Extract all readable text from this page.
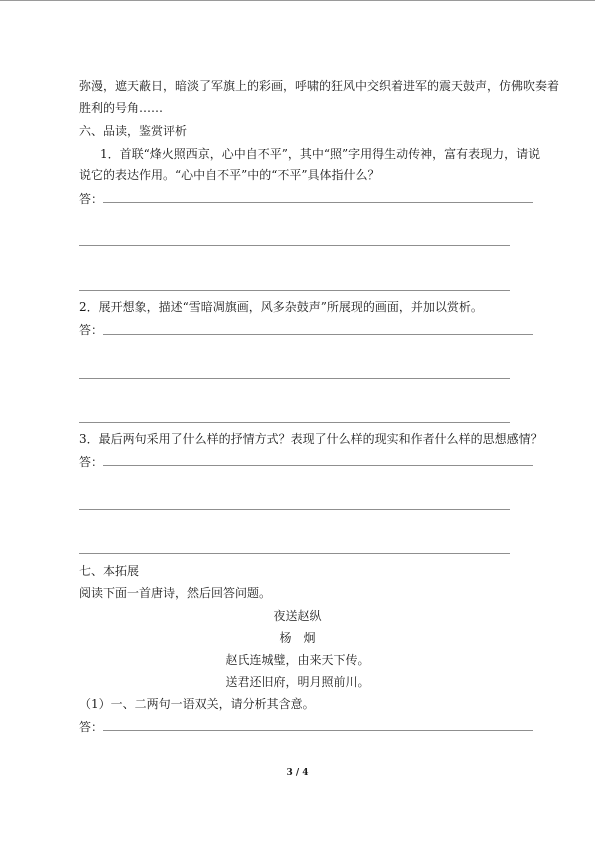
弥漫，遮天蔽日，暗淡了军旗上的彩画，呼啸的狂风中交织着进军的震天鼓声，仿佛吹奏着
胜利的号角……
六、品读，鉴赏评析
1．首联“烽火照西京，心中自不平”，其中“照”字用得生动传神，富有表现力，请说
说它的表达作用。“心中自不平”中的“不平”具体指什么？
答：
2．展开想象，描述“雪暗凋旗画，风多杂鼓声”所展现的画面，并加以赏析。
答：
3．最后两句采用了什么样的抒情方式？表现了什么样的现实和作者什么样的思想感情？
答：
七、本拓展
阅读下面一首唐诗，然后回答问题。
夜送赵纵
杨　炯
赵氏连城璧，由来天下传。
送君还旧府，明月照前川。
（1）一、二两句一语双关，请分析其含意。
答：
3 / 4
